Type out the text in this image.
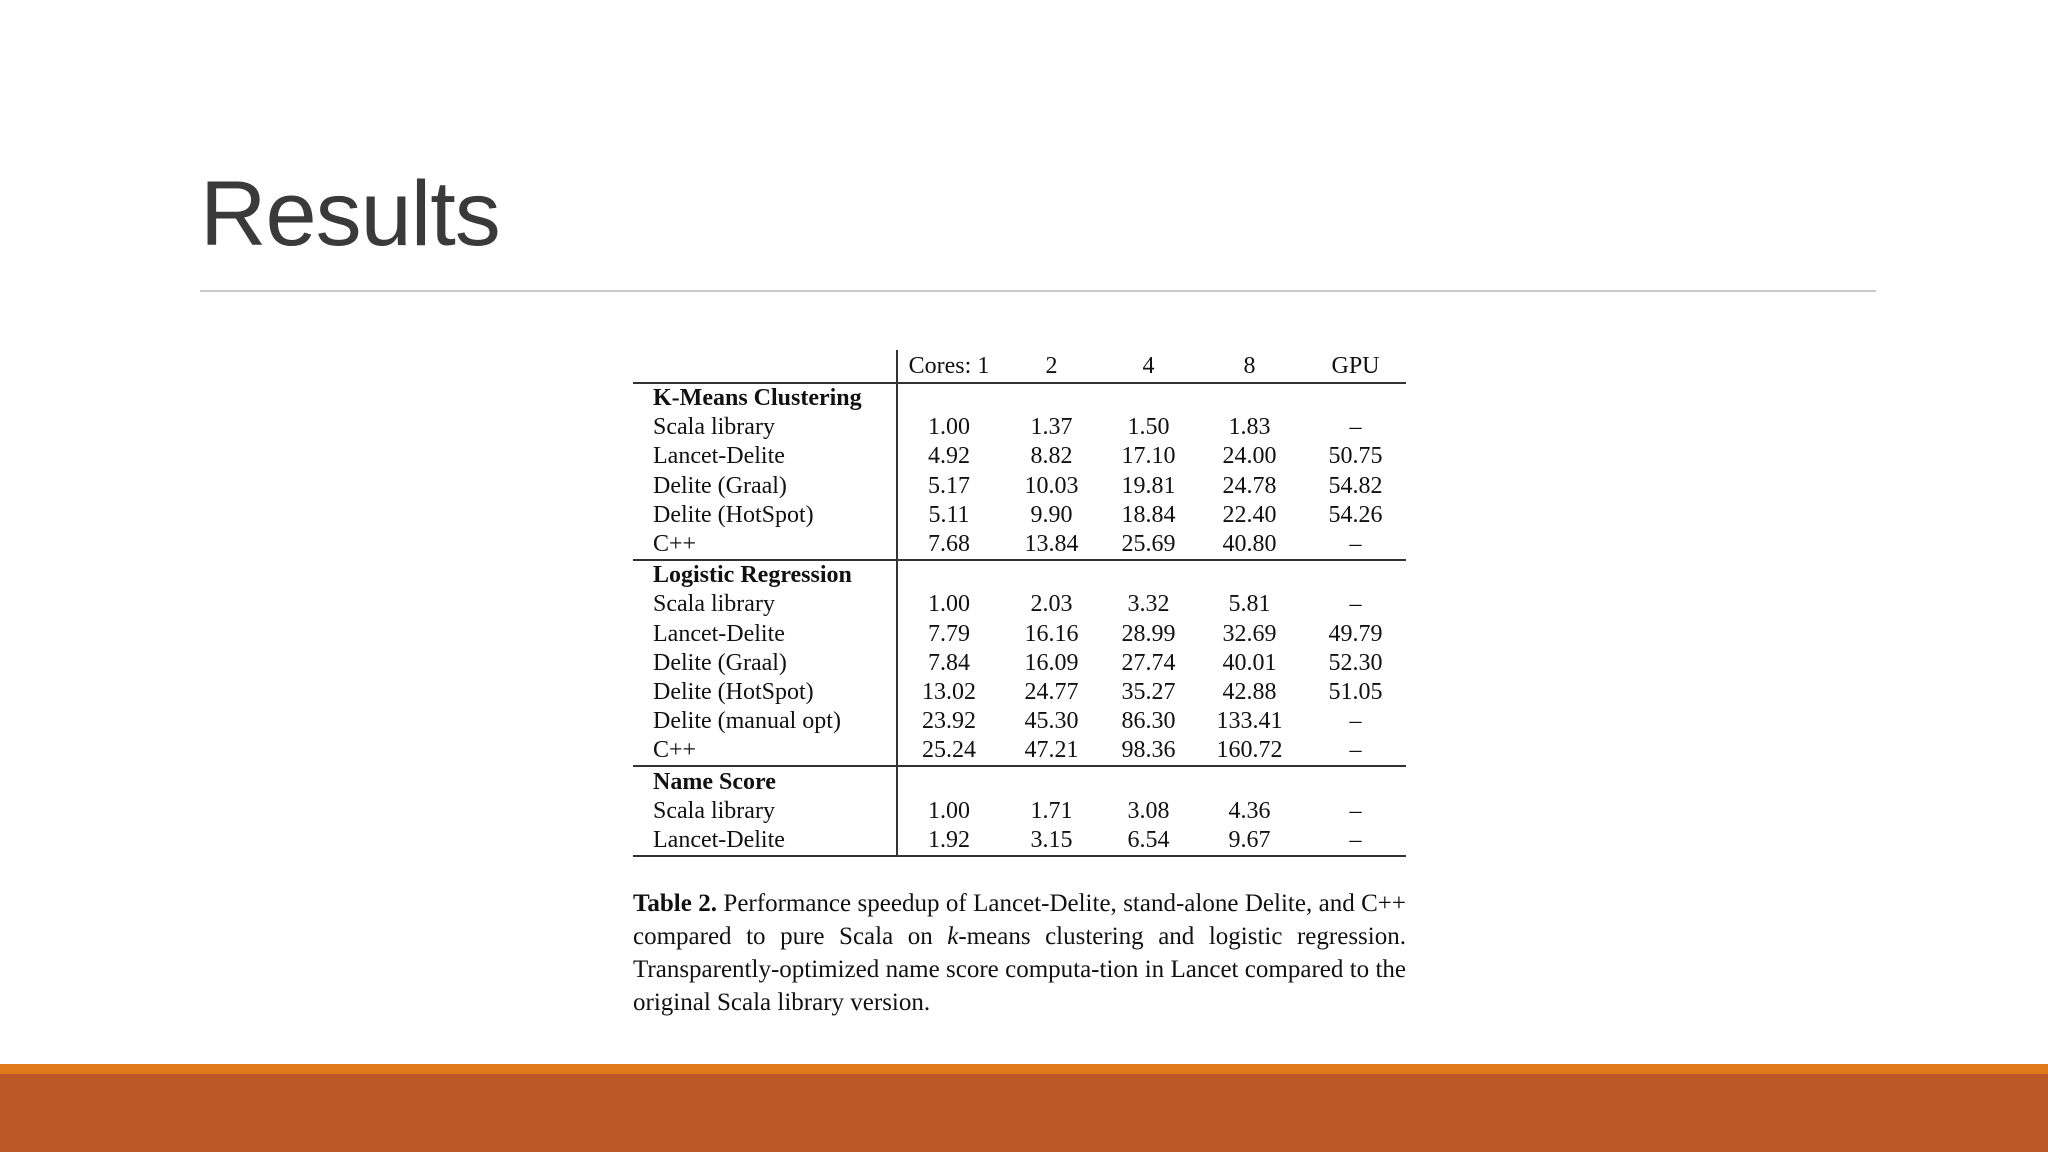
Results
	Cores: 1	2	4	8	GPU
K-Means Clustering					
Scala library	1.00	1.37	1.50	1.83	–
Lancet-Delite	4.92	8.82	17.10	24.00	50.75
Delite (Graal)	5.17	10.03	19.81	24.78	54.82
Delite (HotSpot)	5.11	9.90	18.84	22.40	54.26
C++	7.68	13.84	25.69	40.80	–
Logistic Regression					
Scala library	1.00	2.03	3.32	5.81	–
Lancet-Delite	7.79	16.16	28.99	32.69	49.79
Delite (Graal)	7.84	16.09	27.74	40.01	52.30
Delite (HotSpot)	13.02	24.77	35.27	42.88	51.05
Delite (manual opt)	23.92	45.30	86.30	133.41	–
C++	25.24	47.21	98.36	160.72	–
Name Score					
Scala library	1.00	1.71	3.08	4.36	–
Lancet-Delite	1.92	3.15	6.54	9.67	–
Table 2. Performance speedup of Lancet-Delite, stand-alone Delite, and C++ compared to pure Scala on k-means clustering and logistic regression. Transparently-optimized name score computa-tion in Lancet compared to the original Scala library version.
